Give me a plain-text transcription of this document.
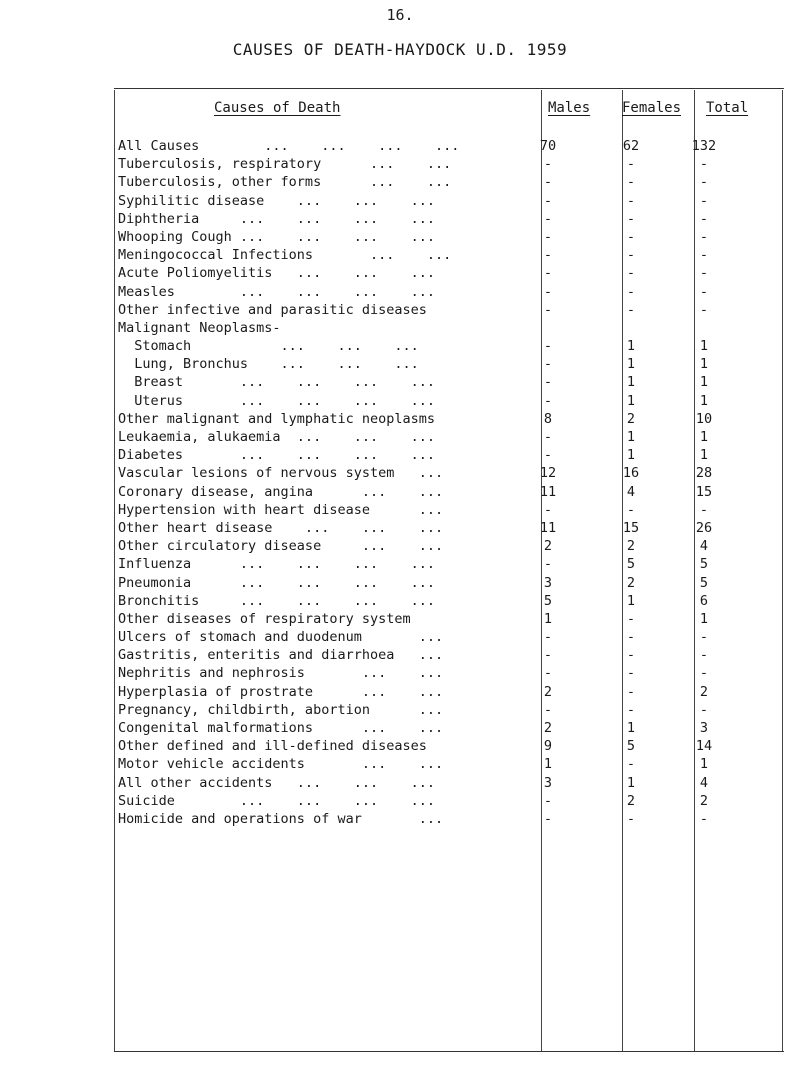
16.
CAUSES OF DEATH-HAYDOCK U.D. 1959
Causes of Death	Males Females Total
All Causes        ...    ...    ...    ...	70	62	132
Tuberculosis, respiratory      ...    ...	-	-	-
Tuberculosis, other forms      ...    ...	-	-	-
Syphilitic disease    ...    ...    ...	-	-	-
Diphtheria     ...    ...    ...    ...	-	-	-
Whooping Cough ...    ...    ...    ...	-	-	-
Meningococcal Infections       ...    ...	-	-	-
Acute Poliomyelitis   ...    ...    ...	-	-	-
Measles        ...    ...    ...    ...	-	-	-
Other infective and parasitic diseases	-	-	-
Malignant Neoplasms-
Stomach           ...    ...    ...	-	1	1
Lung, Bronchus    ...    ...    ...	-	1	1
Breast       ...    ...    ...    ...	-	1	1
Uterus       ...    ...    ...    ...	-	1	1
Other malignant and lymphatic neoplasms	8	2	10
Leukaemia, alukaemia  ...    ...    ...	-	1	1
Diabetes       ...    ...    ...    ...	-	1	1
Vascular lesions of nervous system   ...	12	16	28
Coronary disease, angina      ...    ...	11	4	15
Hypertension with heart disease      ...	-	-	-
Other heart disease    ...    ...    ...	11	15	26
Other circulatory disease     ...    ...	2	2	4
Influenza      ...    ...    ...    ...	-	5	5
Pneumonia      ...    ...    ...    ...	3	2	5
Bronchitis     ...    ...    ...    ...	5	1	6
Other diseases of respiratory system	1	-	1
Ulcers of stomach and duodenum       ...	-	-	-
Gastritis, enteritis and diarrhoea   ...	-	-	-
Nephritis and nephrosis       ...    ...	-	-	-
Hyperplasia of prostrate      ...    ...	2	-	2
Pregnancy, childbirth, abortion      ...	-	-	-
Congenital malformations      ...    ...	2	1	3
Other defined and ill-defined diseases	9	5	14
Motor vehicle accidents       ...    ...	1	-	1
All other accidents   ...    ...    ...	3	1	4
Suicide        ...    ...    ...    ...	-	2	2
Homicide and operations of war       ...	-	-	-
